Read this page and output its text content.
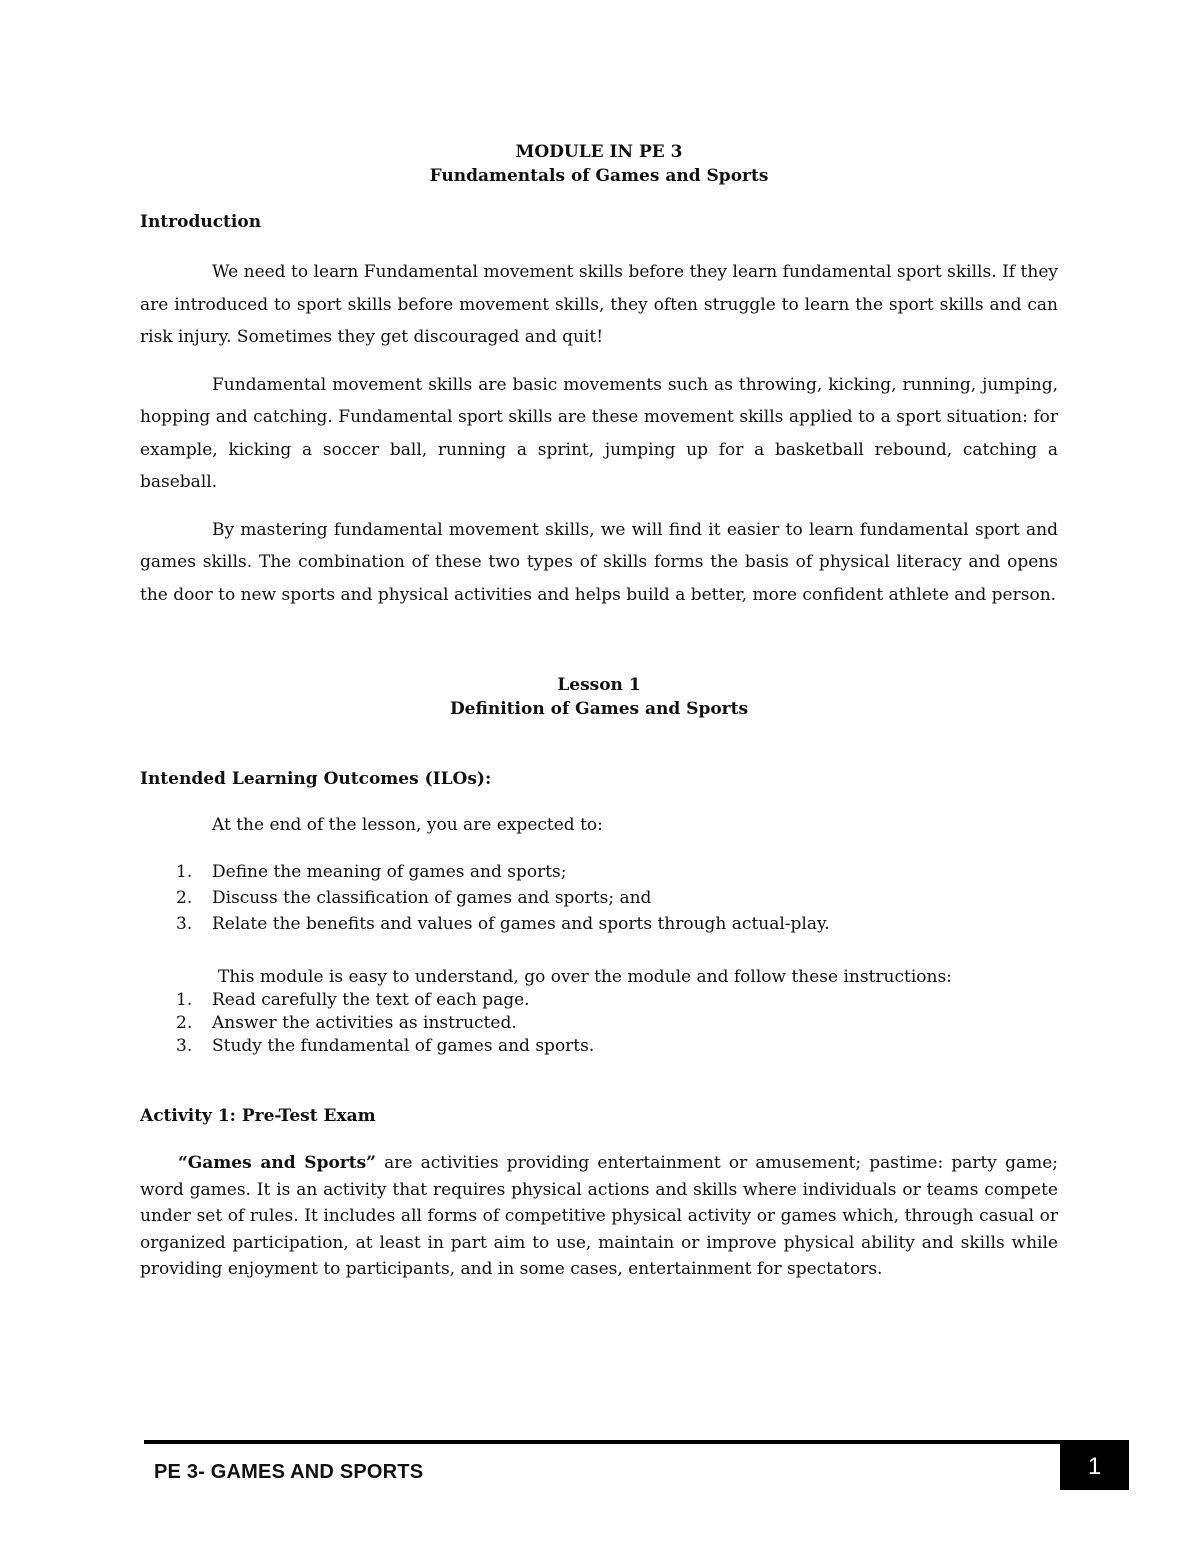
MODULE IN PE 3
Fundamentals of Games and Sports
Introduction

We need to learn Fundamental movement skills before they learn fundamental sport skills. If they are introduced to sport skills before movement skills, they often struggle to learn the sport skills and can risk injury. Sometimes they get discouraged and quit!

Fundamental movement skills are basic movements such as throwing, kicking, running, jumping, hopping and catching. Fundamental sport skills are these movement skills applied to a sport situation: for example, kicking a soccer ball, running a sprint, jumping up for a basketball rebound, catching a baseball.

By mastering fundamental movement skills, we will find it easier to learn fundamental sport and games skills. The combination of these two types of skills forms the basis of physical literacy and opens the door to new sports and physical activities and helps build a better, more confident athlete and person.

Lesson 1
Definition of Games and Sports
Intended Learning Outcomes (ILOs):
At the end of the lesson, you are expected to:
1. Define the meaning of games and sports;
2. Discuss the classification of games and sports; and
3. Relate the benefits and values of games and sports through actual-play.
This module is easy to understand, go over the module and follow these instructions:
1. Read carefully the text of each page.
2. Answer the activities as instructed.
3. Study the fundamental of games and sports.
Activity 1: Pre-Test Exam

“Games and Sports” are activities providing entertainment or amusement; pastime: party game; word games. It is an activity that requires physical actions and skills where individuals or teams compete under set of rules. It includes all forms of competitive physical activity or games which, through casual or organized participation, at least in part aim to use, maintain or improve physical ability and skills while providing enjoyment to participants, and in some cases, entertainment for spectators.

PE 3- GAMES AND SPORTS	1
